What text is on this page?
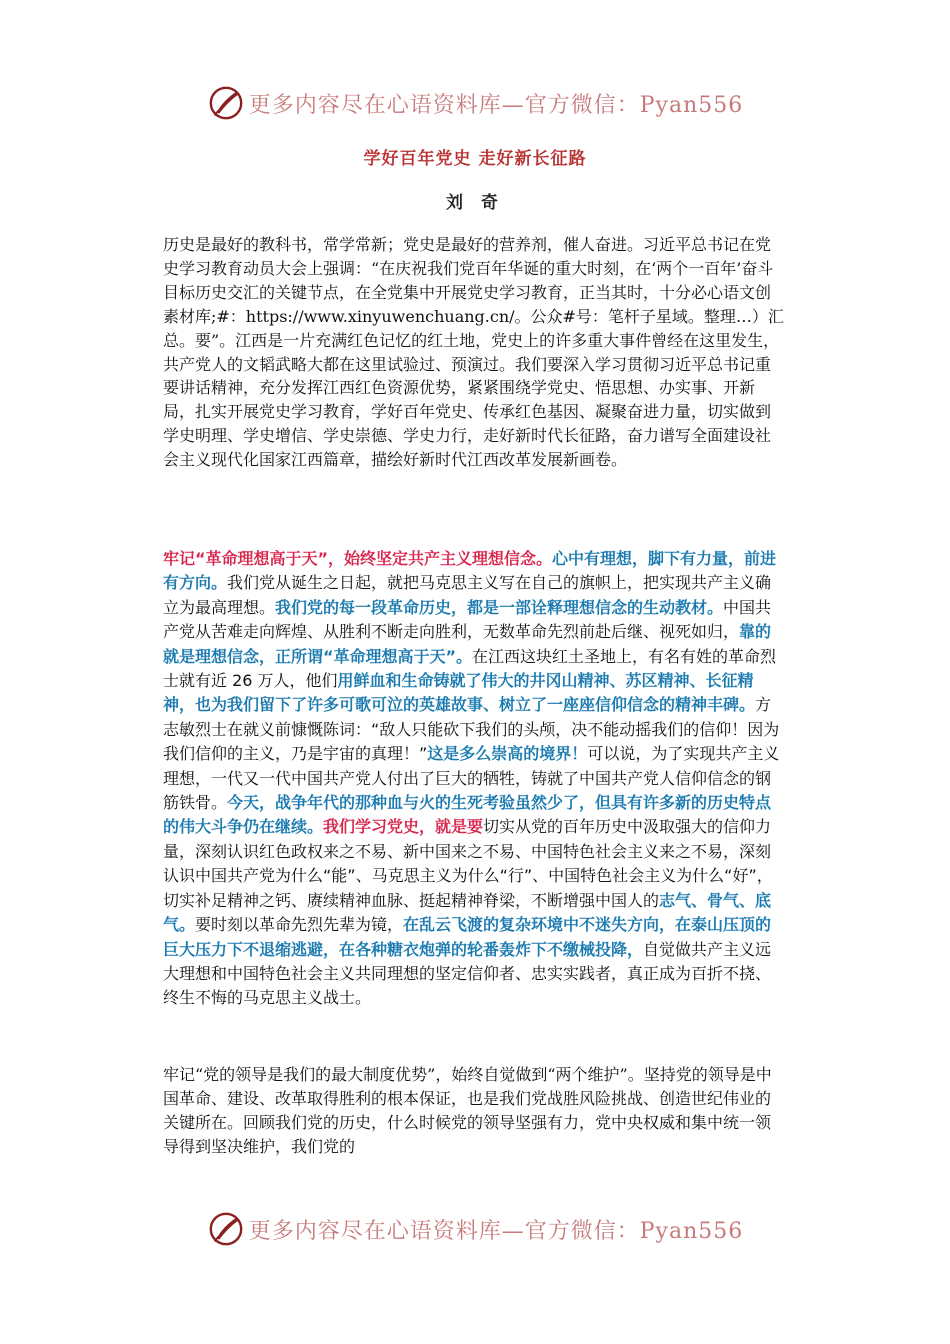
更多内容尽在心语资料库—官方微信：Pyan556
学好百年党史 走好新长征路
刘 奇
历史是最好的教科书，常学常新；党史是最好的营养剂，催人奋进。习近平总书记在党史学习教育动员大会上强调：“在庆祝我们党百年华诞的重大时刻，在‘两个一百年’奋斗目标历史交汇的关键节点，在全党集中开展党史学习教育，正当其时，十分必心语文创素材库;#：https://www.xinyuwenchuang.cn/。公众#号：笔杆子星域。整理…）汇总。要”。江西是一片充满红色记忆的红土地，党史上的许多重大事件曾经在这里发生，共产党人的文韬武略大都在这里试验过、预演过。我们要深入学习贯彻习近平总书记重要讲话精神，充分发挥江西红色资源优势，紧紧围绕学党史、悟思想、办实事、开新局，扎实开展党史学习教育，学好百年党史、传承红色基因、凝聚奋进力量，切实做到学史明理、学史增信、学史崇德、学史力行，走好新时代长征路，奋力谱写全面建设社会主义现代化国家江西篇章，描绘好新时代江西改革发展新画卷。
牢记“革命理想高于天”，始终坚定共产主义理想信念。心中有理想，脚下有力量，前进有方向。我们党从诞生之日起，就把马克思主义写在自己的旗帜上，把实现共产主义确立为最高理想。我们党的每一段革命历史，都是一部诠释理想信念的生动教材。中国共产党从苦难走向辉煌、从胜利不断走向胜利，无数革命先烈前赴后继、视死如归，靠的就是理想信念，正所谓“革命理想高于天”。在江西这块红土圣地上，有名有姓的革命烈士就有近 26 万人，他们用鲜血和生命铸就了伟大的井冈山精神、苏区精神、长征精神，也为我们留下了许多可歌可泣的英雄故事、树立了一座座信仰信念的精神丰碑。方志敏烈士在就义前慷慨陈词：“敌人只能砍下我们的头颅，决不能动摇我们的信仰！因为我们信仰的主义，乃是宇宙的真理！”这是多么崇高的境界！可以说，为了实现共产主义理想，一代又一代中国共产党人付出了巨大的牺牲，铸就了中国共产党人信仰信念的钢筋铁骨。今天，战争年代的那种血与火的生死考验虽然少了，但具有许多新的历史特点的伟大斗争仍在继续。我们学习党史，就是要切实从党的百年历史中汲取强大的信仰力量，深刻认识红色政权来之不易、新中国来之不易、中国特色社会主义来之不易，深刻认识中国共产党为什么“能”、马克思主义为什么“行”、中国特色社会主义为什么“好”，切实补足精神之钙、赓续精神血脉、挺起精神脊梁，不断增强中国人的志气、骨气、底气。要时刻以革命先烈先辈为镜，在乱云飞渡的复杂环境中不迷失方向，在泰山压顶的巨大压力下不退缩逃避，在各种糖衣炮弹的轮番轰炸下不缴械投降，自觉做共产主义远大理想和中国特色社会主义共同理想的坚定信仰者、忠实实践者，真正成为百折不挠、终生不悔的马克思主义战士。
牢记“党的领导是我们的最大制度优势”，始终自觉做到“两个维护”。坚持党的领导是中国革命、建设、改革取得胜利的根本保证，也是我们党战胜风险挑战、创造世纪伟业的关键所在。回顾我们党的历史，什么时候党的领导坚强有力，党中央权威和集中统一领导得到坚决维护，我们党的
更多内容尽在心语资料库—官方微信：Pyan556
